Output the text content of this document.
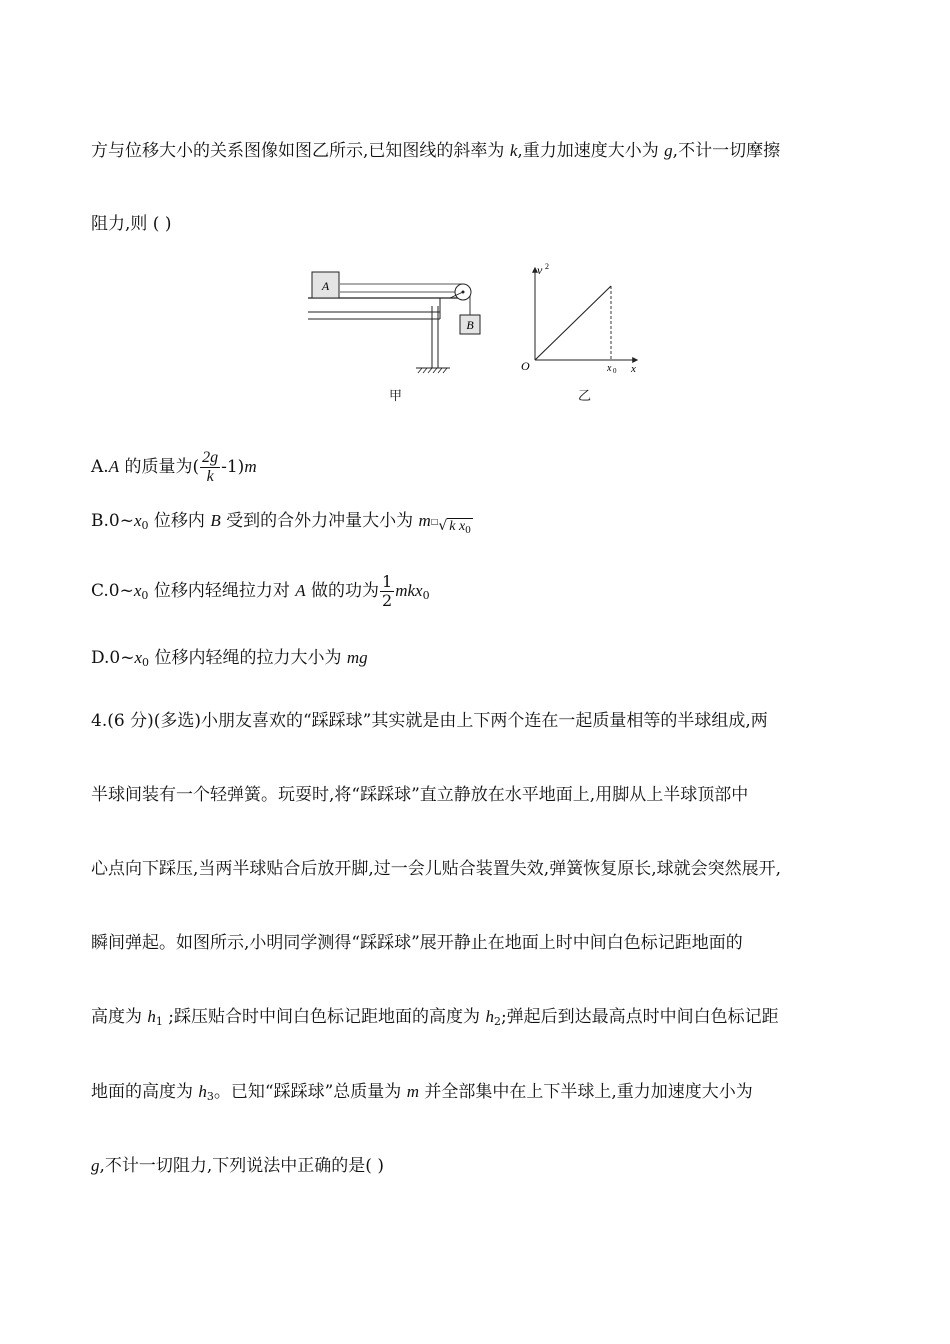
方与位移大小的关系图像如图乙所示,已知图线的斜率为 k,重力加速度大小为 g,不计一切摩擦
阻力,则 ( )
A
B
甲
v 2
O	x
x 0
乙
A.A 的质量为( $\frac{2g}{k} -1)m$
B.0~x0 位移内 B 受到的合外力冲量大小为 m□√ k $x_0$
C.0~x0 位移内轻绳拉力对 A 做的功为 $\frac{1}{2} mkx0$
D.0~x0 位移内轻绳的拉力大小为 mg
4.(6 分)(多选)小朋友喜欢的“踩踩球”其实就是由上下两个连在一起质量相等的半球组成,两
半球间装有一个轻弹簧。玩耍时,将“踩踩球”直立静放在水平地面上,用脚从上半球顶部中
心点向下踩压,当两半球贴合后放开脚,过一会儿贴合装置失效,弹簧恢复原长,球就会突然展开,
瞬间弹起。如图所示,小明同学测得“踩踩球”展开静止在地面上时中间白色标记距地面的
高度为 h1 ;踩压贴合时中间白色标记距地面的高度为 h2;弹起后到达最高点时中间白色标记距
地面的高度为 h3。已知“踩踩球”总质量为 m 并全部集中在上下半球上,重力加速度大小为
g,不计一切阻力,下列说法中正确的是( )
